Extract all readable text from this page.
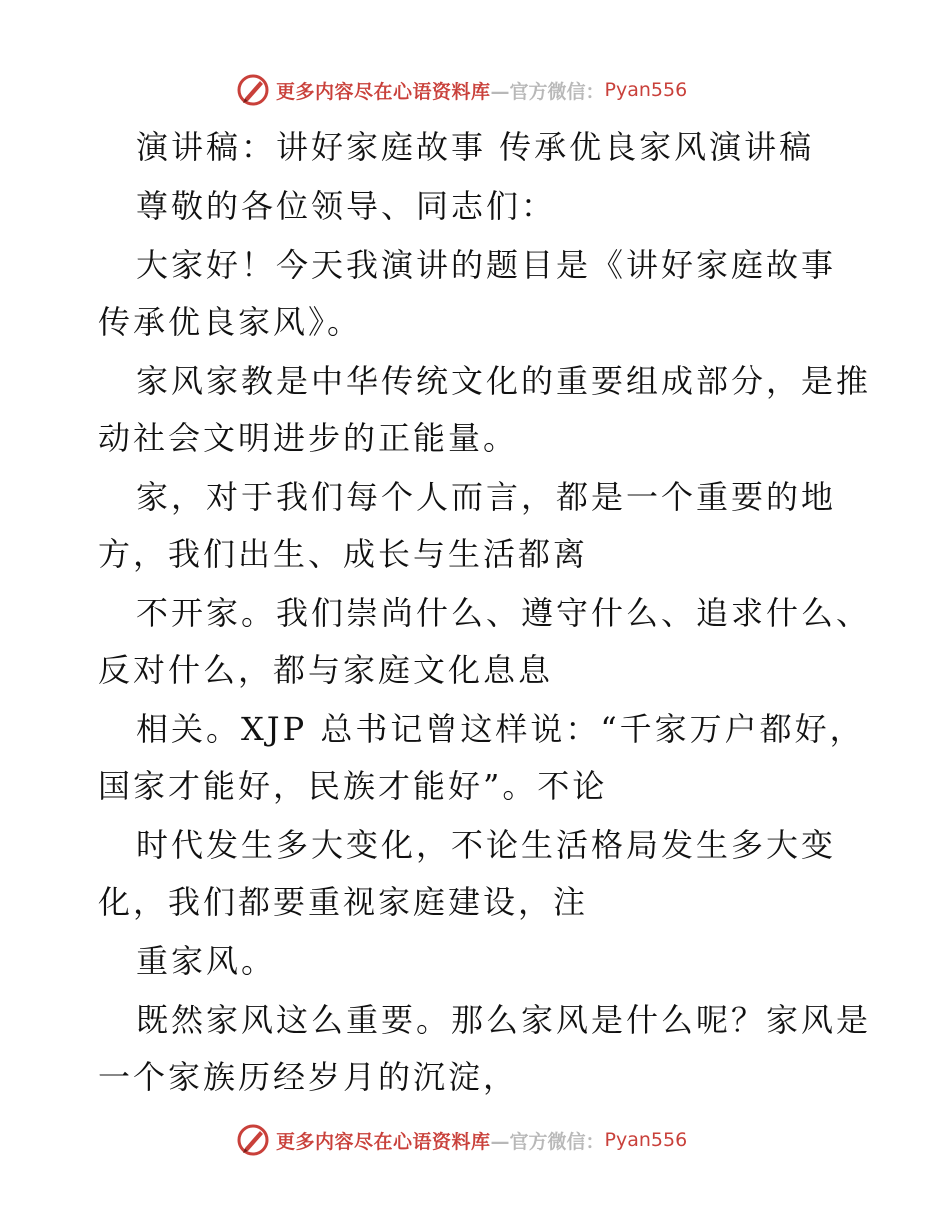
更多内容尽在心语资料库 —官方微信： Pyan556
演讲稿：讲好家庭故事 传承优良家风演讲稿
尊敬的各位领导、同志们：
大家好！今天我演讲的题目是《讲好家庭故事
传承优良家风》。
家风家教是中华传统文化的重要组成部分，是推
动社会文明进步的正能量。
家，对于我们每个人而言，都是一个重要的地
方，我们出生、成长与生活都离
不开家。我们崇尚什么、遵守什么、追求什么、
反对什么，都与家庭文化息息
相关。XJP 总书记曾这样说：“千家万户都好，
国家才能好，民族才能好”。不论
时代发生多大变化，不论生活格局发生多大变
化，我们都要重视家庭建设，注
重家风。
既然家风这么重要。那么家风是什么呢？家风是
一个家族历经岁月的沉淀，
更多内容尽在心语资料库 —官方微信： Pyan556
